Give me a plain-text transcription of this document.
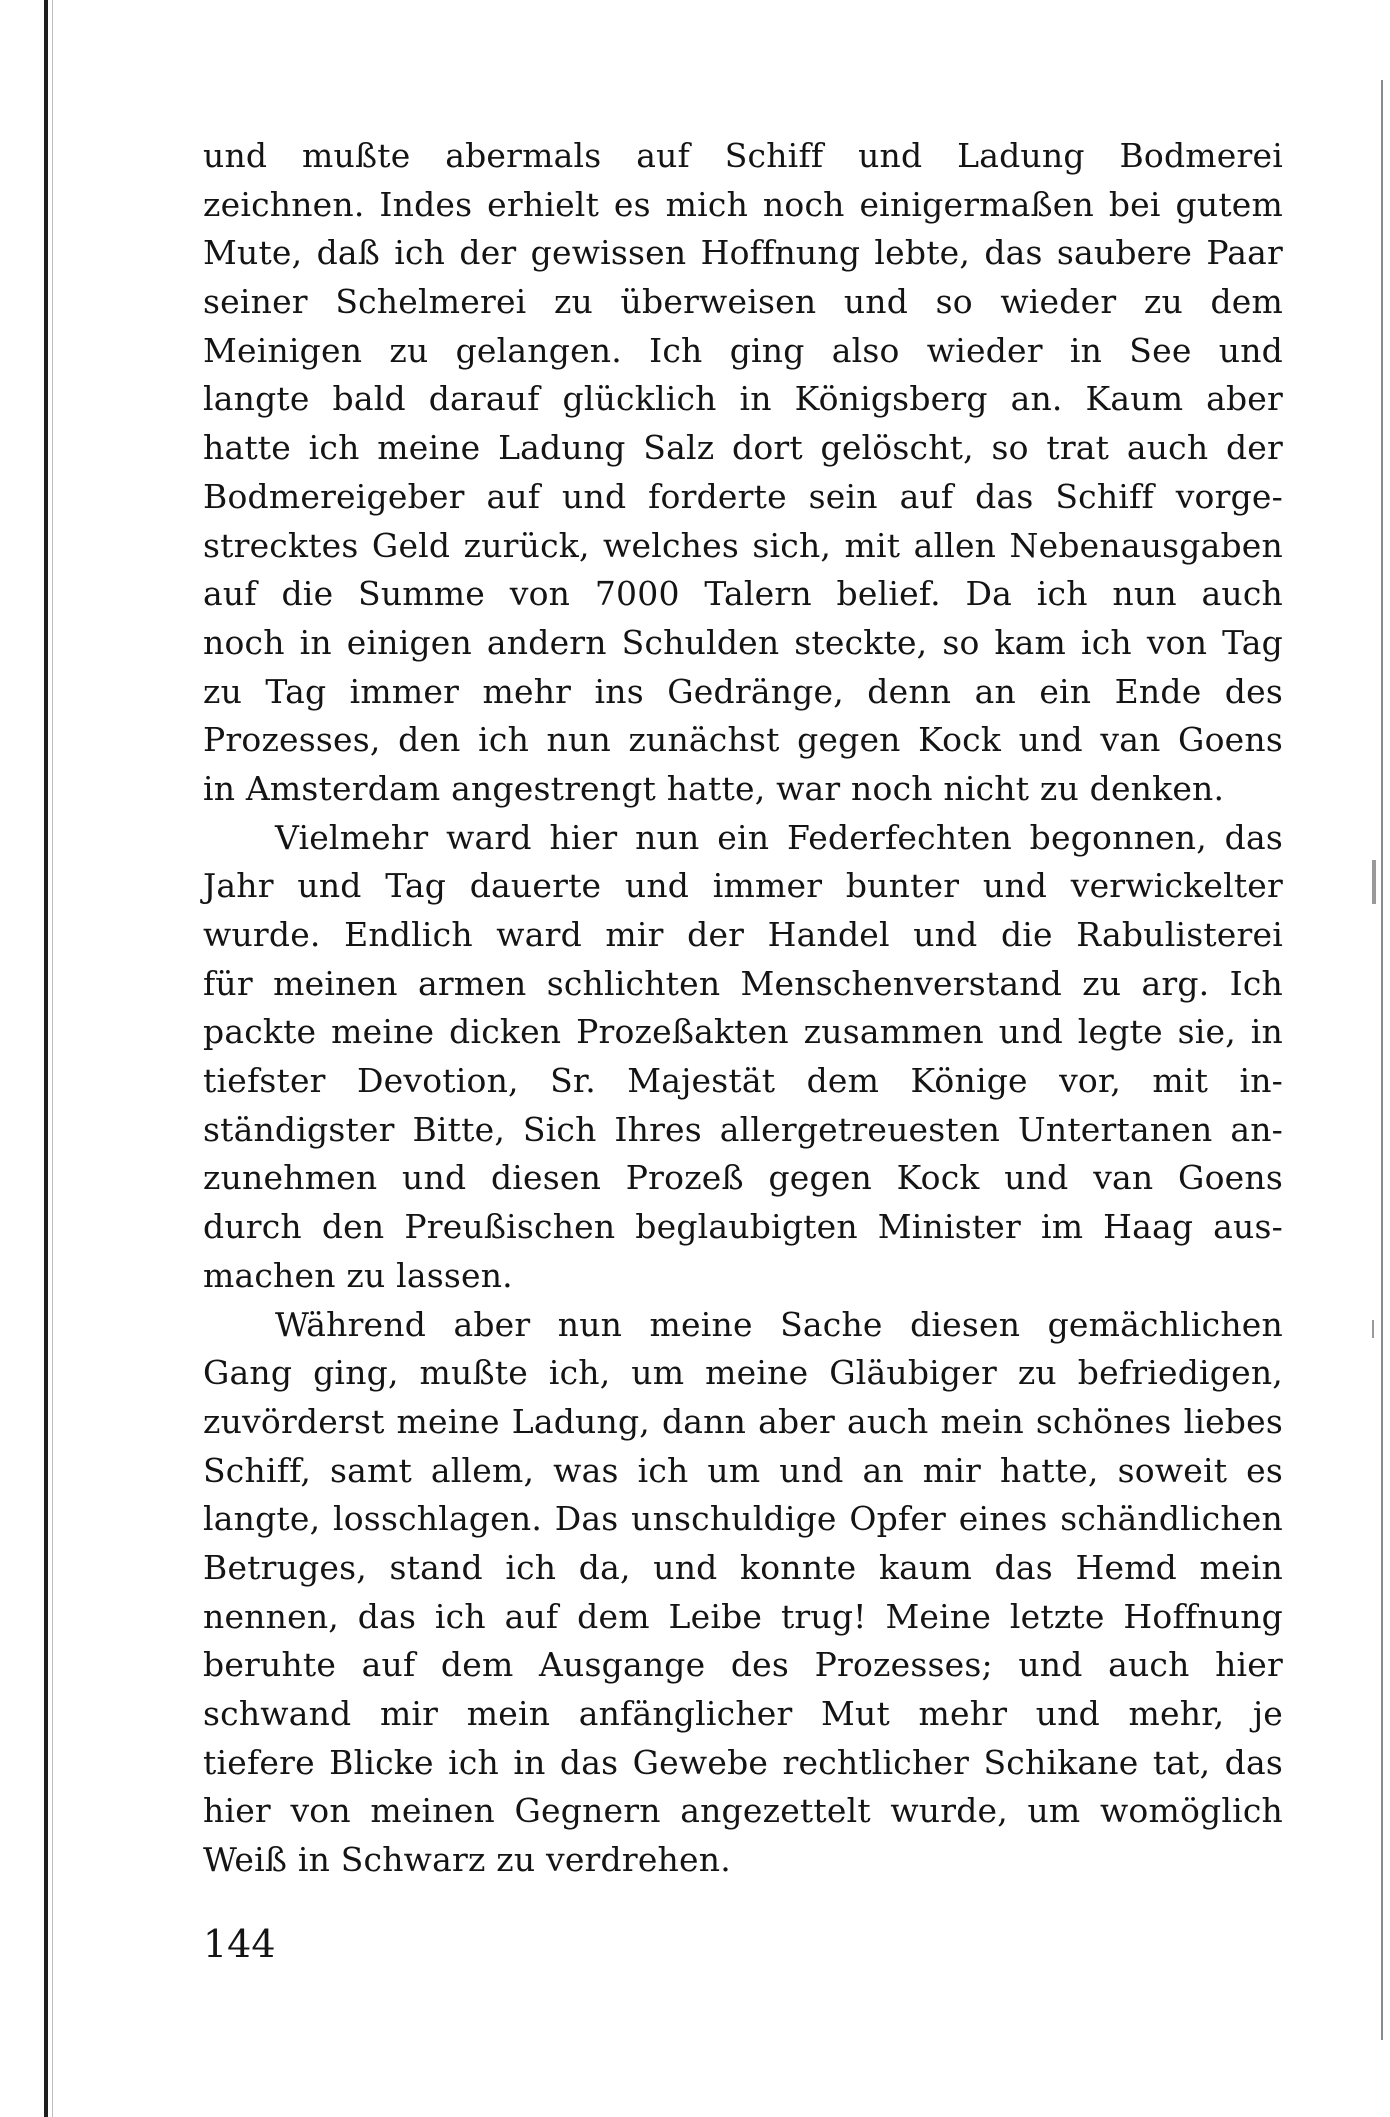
und mußte abermals auf Schiff und Ladung Bodmerei
zeichnen. Indes erhielt es mich noch einigermaßen bei gutem
Mute, daß ich der gewissen Hoffnung lebte, das saubere Paar
seiner Schelmerei zu überweisen und so wieder zu dem
Meinigen zu gelangen. Ich ging also wieder in See und
langte bald darauf glücklich in Königsberg an. Kaum aber
hatte ich meine Ladung Salz dort gelöscht, so trat auch der
Bodmereigeber auf und forderte sein auf das Schiff vorge-
strecktes Geld zurück, welches sich, mit allen Nebenausgaben
auf die Summe von 7000 Talern belief. Da ich nun auch
noch in einigen andern Schulden steckte, so kam ich von Tag
zu Tag immer mehr ins Gedränge, denn an ein Ende des
Prozesses, den ich nun zunächst gegen Kock und van Goens
in Amsterdam angestrengt hatte, war noch nicht zu denken.
Vielmehr ward hier nun ein Federfechten begonnen, das
Jahr und Tag dauerte und immer bunter und verwickelter
wurde. Endlich ward mir der Handel und die Rabulisterei
für meinen armen schlichten Menschenverstand zu arg. Ich
packte meine dicken Prozeßakten zusammen und legte sie, in
tiefster Devotion, Sr. Majestät dem Könige vor, mit in-
ständigster Bitte, Sich Ihres allergetreuesten Untertanen an-
zunehmen und diesen Prozeß gegen Kock und van Goens
durch den Preußischen beglaubigten Minister im Haag aus-
machen zu lassen.
Während aber nun meine Sache diesen gemächlichen
Gang ging, mußte ich, um meine Gläubiger zu befriedigen,
zuvörderst meine Ladung, dann aber auch mein schönes liebes
Schiff, samt allem, was ich um und an mir hatte, soweit es
langte, losschlagen. Das unschuldige Opfer eines schändlichen
Betruges, stand ich da, und konnte kaum das Hemd mein
nennen, das ich auf dem Leibe trug! Meine letzte Hoffnung
beruhte auf dem Ausgange des Prozesses; und auch hier
schwand mir mein anfänglicher Mut mehr und mehr, je
tiefere Blicke ich in das Gewebe rechtlicher Schikane tat, das
hier von meinen Gegnern angezettelt wurde, um womöglich
Weiß in Schwarz zu verdrehen.
144
